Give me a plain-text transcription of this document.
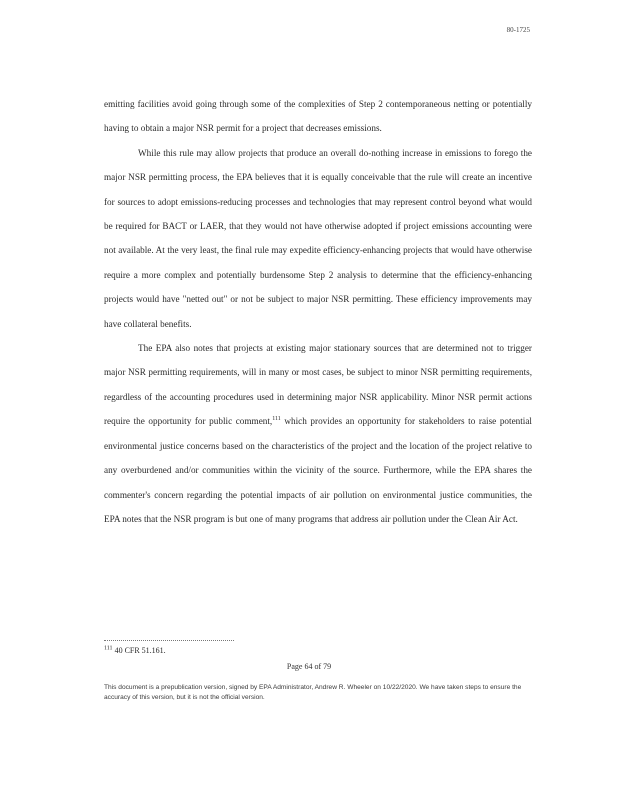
80-1725

emitting facilities avoid going through some of the complexities of Step 2 contemporaneous netting or potentially having to obtain a major NSR permit for a project that decreases emissions.

While this rule may allow projects that produce an overall do-nothing increase in emissions to forego the major NSR permitting process, the EPA believes that it is equally conceivable that the rule will create an incentive for sources to adopt emissions-reducing processes and technologies that may represent control beyond what would be required for BACT or LAER, that they would not have otherwise adopted if project emissions accounting were not available. At the very least, the final rule may expedite efficiency-enhancing projects that would have otherwise require a more complex and potentially burdensome Step 2 analysis to determine that the efficiency-enhancing projects would have "netted out" or not be subject to major NSR permitting. These efficiency improvements may have collateral benefits.

The EPA also notes that projects at existing major stationary sources that are determined not to trigger major NSR permitting requirements, will in many or most cases, be subject to minor NSR permitting requirements, regardless of the accounting procedures used in determining major NSR applicability. Minor NSR permit actions require the opportunity for public comment,$^{111}$ which provides an opportunity for stakeholders to raise potential environmental justice concerns based on the characteristics of the project and the location of the project relative to any overburdened and/or communities within the vicinity of the source. Furthermore, while the EPA shares the commenter's concern regarding the potential impacts of air pollution on environmental justice communities, the EPA notes that the NSR program is but one of many programs that address air pollution under the Clean Air Act.

$^{111}$ 40 CFR 51.161.
Page 64 of 79
This document is a prepublication version, signed by EPA Administrator, Andrew R. Wheeler on 10/22/2020. We have taken steps to ensure the accuracy of this version, but it is not the official version.
